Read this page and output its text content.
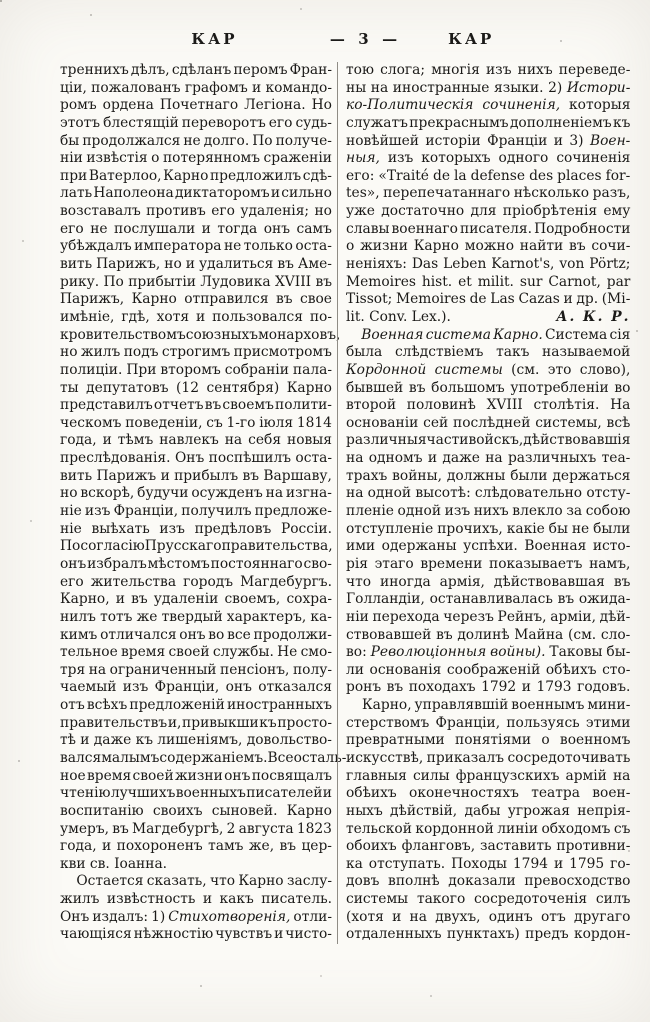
КАР	—  3  —	КАР
треннихъ дѣлъ, сдѣланъ перомъ Фран-
ціи, пожалованъ графомъ и командо-
ромъ ордена Почетнаго Легіона. Но
этотъ блестящій переворотъ его судь-
бы продолжался не долго. По получе-
ніи извѣстія о потерянномъ сраженіи
при Ватерлоо, Карно предложилъ сдѣ-
лать Наполеона диктаторомъ и сильно
возставалъ противъ его удаленія; но
его не послушали и тогда онъ самъ
убѣждалъ императора не только оста-
вить Парижъ, но и удалиться въ Аме-
рику. По прибытіи Лудовика XVIII въ
Парижъ, Карно отправился въ свое
имѣніе, гдѣ, хотя и пользовался по-
кровительствомъ союзныхъ монарховъ,
но жилъ подъ строгимъ присмотромъ
полиціи. При второмъ собраніи пала-
ты депутатовъ (12 сентября) Карно
представилъ отчетъ въ своемъ полити-
ческомъ поведеніи, съ 1-го іюля 1814
года, и тѣмъ навлекъ на себя новыя
преслѣдованія. Онъ поспѣшилъ оста-
вить Парижъ и прибылъ въ Варшаву,
но вскорѣ, будучи осужденъ на изгна-
ніе изъ Франціи, получилъ предложе-
ніе выѣхать изъ предѣловъ Россіи.
По согласію Прусскаго правительства,
онъ избралъ мѣстомъ постояннаго сво-
его жительства городъ Магдебургъ.
Карно, и въ удаленіи своемъ, сохра-
нилъ тотъ же твердый характеръ, ка-
кимъ отличался онъ во все продолжи-
тельное время своей службы. Не смо-
тря на ограниченный пенсіонъ, полу-
чаемый изъ Франціи, онъ отказался
отъ всѣхъ предложеній иностранныхъ
правительствъ и, привыкши къ просто-
тѣ и даже къ лишеніямъ, довольство-
вался малымъ содержаніемъ. Все осталь-
ное время своей жизни онъ посвящалъ
чтенію лучшихъ военныхъ писателей и
воспитанію своихъ сыновей. Карно
умеръ, въ Магдебургѣ, 2 августа 1823
года, и похороненъ тамъ же, въ цер-
кви св. Іоанна.
Остается сказать, что Карно заслу-
жилъ извѣстность и какъ писатель.
Онъ издалъ: 1) Стихотворенія, отли-
чающіяся нѣжностію чувствъ и чисто-
тою слога; многія изъ нихъ переведе-
ны на иностранные языки. 2) Истори-
ко-Политическія сочиненія, которыя
служатъ прекраснымъ дополненіемъ къ
новѣйшей исторіи Франціи и 3) Воен-
ныя, изъ которыхъ одного сочиненія
его: «Traité de la defense des places for-
tes», перепечатаннаго нѣсколько разъ,
уже достаточно для пріобрѣтенія ему
славы военнаго писателя. Подробности
о жизни Карно можно найти въ сочи-
неніяхъ: Das Leben Karnot's, von Pörtz;
Memoires hist. et milit. sur Carnot, par
Tissot; Memoires de Las Cazas и др. (Mi-
lit. Conv. Lex.).	А. К. Р.
Военная система Карно. Система сія
была слѣдствіемъ такъ называемой
Кордонной системы (см. это слово),
бывшей въ большомъ употребленіи во
второй половинѣ XVIII столѣтія. На
основаніи сей послѣдней системы, всѣ
различныя части войскъ, дѣйствовавшія
на одномъ и даже на различныхъ теа-
трахъ войны, должны были держаться
на одной высотѣ: слѣдовательно отсту-
пленіе одной изъ нихъ влекло за собою
отступленіе прочихъ, какіе бы не были
ими одержаны успѣхи. Военная исто-
рія этаго времени показываетъ намъ,
что иногда армія, дѣйствовавшая въ
Голландіи, останавливалась въ ожида-
ніи перехода черезъ Рейнъ, арміи, дѣй-
ствовавшей въ долинѣ Майна (см. сло-
во: Революціонныя войны). Таковы бы-
ли основанія соображеній обѣихъ сто-
ронъ въ походахъ 1792 и 1793 годовъ.
Карно, управлявшій военнымъ мини-
стерствомъ Франціи, пользуясь этими
превратными понятіями о военномъ
искусствѣ, приказалъ сосредоточивать
главныя силы французскихъ армій на
обѣихъ оконечностяхъ театра воен-
ныхъ дѣйствій, дабы угрожая непрія-
тельской кордонной линіи обходомъ съ
обоихъ фланговъ, заставить противни-
ка отступать. Походы 1794 и 1795 го-
довъ вполнѣ доказали превосходство
системы такого сосредоточенія силъ
(хотя и на двухъ, одинъ отъ другаго
отдаленныхъ пунктахъ) предъ кордон-
